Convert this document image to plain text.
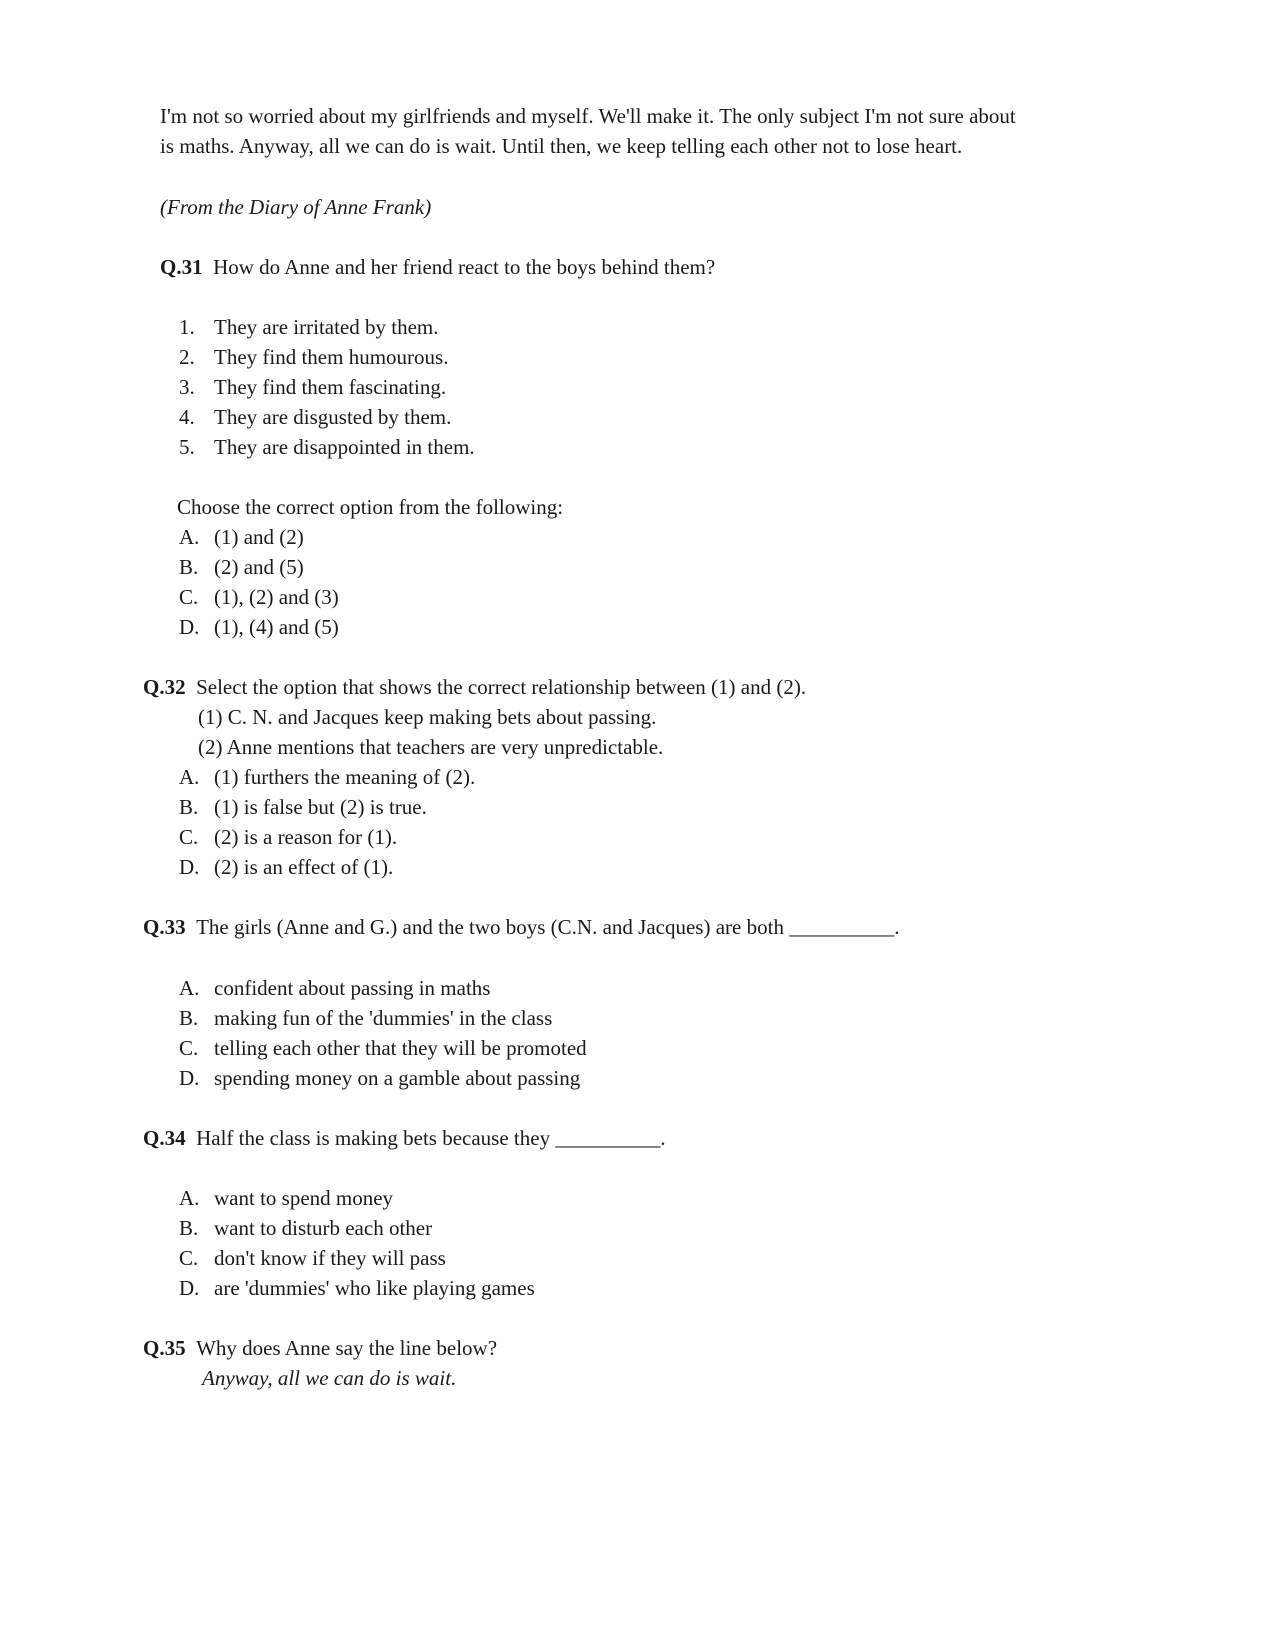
I'm not so worried about my girlfriends and myself. We'll make it. The only subject I'm not sure about
is maths. Anyway, all we can do is wait. Until then, we keep telling each other not to lose heart.
(From the Diary of Anne Frank)
Q.31 How do Anne and her friend react to the boys behind them?
1. They are irritated by them.
2. They find them humourous.
3. They find them fascinating.
4. They are disgusted by them.
5. They are disappointed in them.
Choose the correct option from the following:
A. (1) and (2)
B. (2) and (5)
C. (1), (2) and (3)
D. (1), (4) and (5)
Q.32 Select the option that shows the correct relationship between (1) and (2).
(1) C. N. and Jacques keep making bets about passing.
(2) Anne mentions that teachers are very unpredictable.
A. (1) furthers the meaning of (2).
B. (1) is false but (2) is true.
C. (2) is a reason for (1).
D. (2) is an effect of (1).
Q.33 The girls (Anne and G.) and the two boys (C.N. and Jacques) are both __________.
A. confident about passing in maths
B. making fun of the 'dummies' in the class
C. telling each other that they will be promoted
D. spending money on a gamble about passing
Q.34 Half the class is making bets because they __________.
A. want to spend money
B. want to disturb each other
C. don't know if they will pass
D. are 'dummies' who like playing games
Q.35 Why does Anne say the line below?
Anyway, all we can do is wait.
